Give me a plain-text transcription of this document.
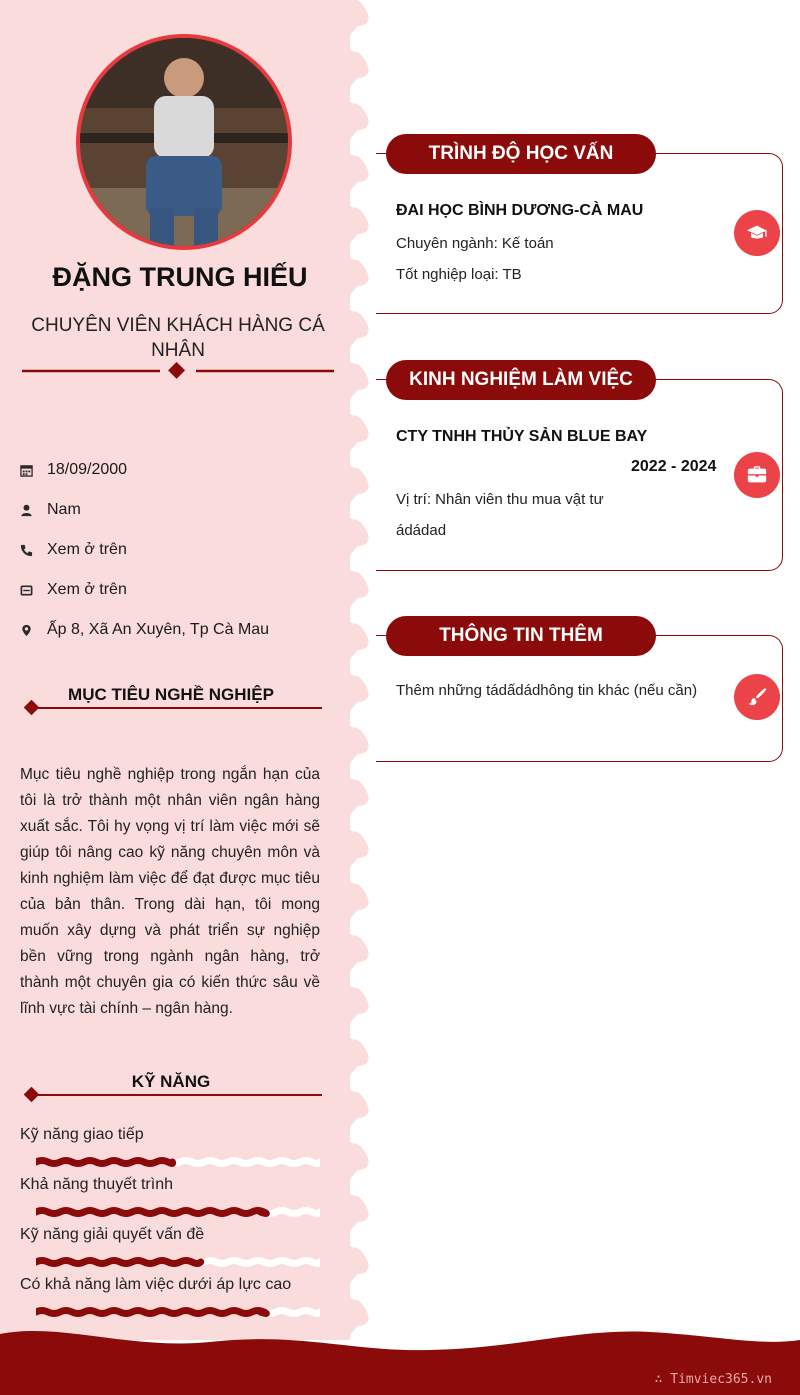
ĐẶNG TRUNG HIẾU
CHUYÊN VIÊN KHÁCH HÀNG CÁ NHÂN
18/09/2000
Nam
Xem ở trên
Xem ở trên
Ấp 8, Xã An Xuyên, Tp Cà Mau
MỤC TIÊU NGHỀ NGHIỆP
Mục tiêu nghề nghiệp trong ngắn hạn của tôi là trở thành một nhân viên ngân hàng xuất sắc. Tôi hy vọng vị trí làm việc mới sẽ giúp tôi nâng cao kỹ năng chuyên môn và kinh nghiệm làm việc để đạt được mục tiêu của bản thân. Trong dài hạn, tôi mong muốn xây dựng và phát triển sự nghiệp bền vững trong ngành ngân hàng, trở thành một chuyên gia có kiến thức sâu về lĩnh vực tài chính – ngân hàng.
KỸ NĂNG
Kỹ năng giao tiếp
Khả năng thuyết trình
Kỹ năng giải quyết vấn đề
Có khả năng làm việc dưới áp lực cao
TRÌNH ĐỘ HỌC VẤN
ĐAI HỌC BÌNH DƯƠNG-CÀ MAU
Chuyên ngành: Kế toán
Tốt nghiệp loại: TB
KINH NGHIỆM LÀM VIỆC
CTY TNHH THỦY SẢN BLUE BAY
2022 - 2024
Vị trí: Nhân viên thu mua vật tư
ádádad
THÔNG TIN THÊM
Thêm những tádấdádhông tin khác (nếu cần)
∴ Timviec365.vn
